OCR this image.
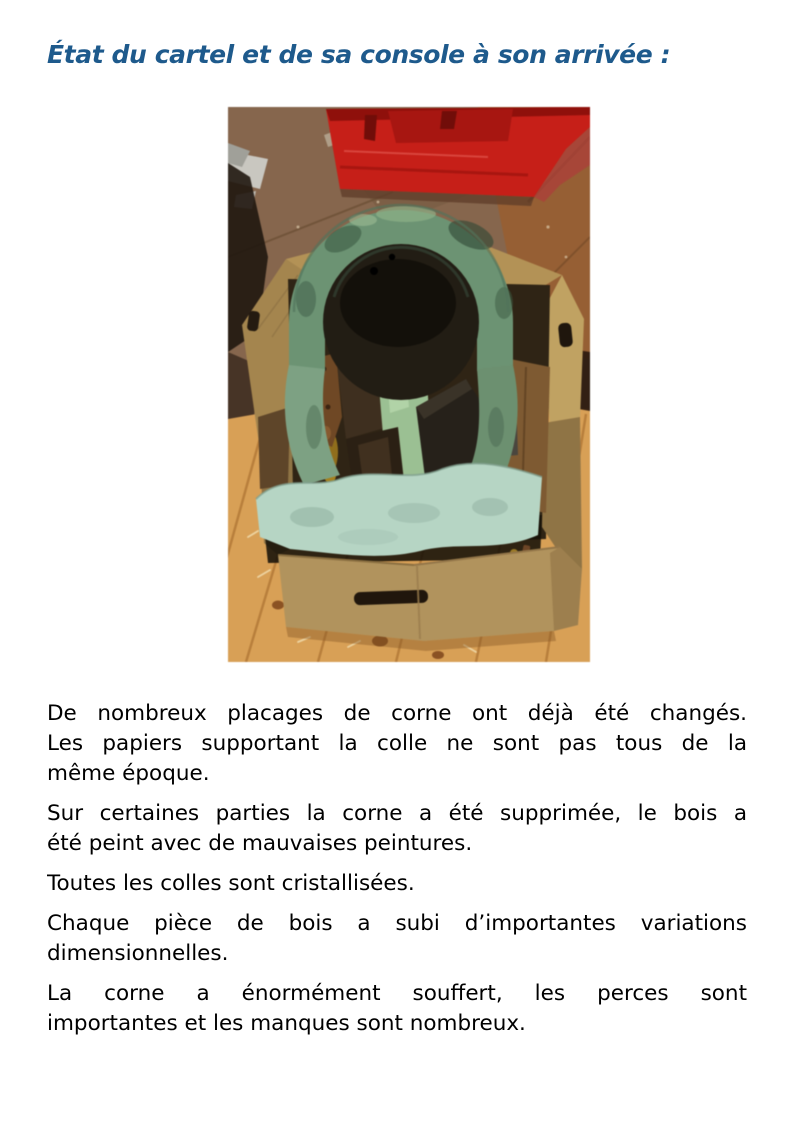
État du cartel et de sa console à son arrivée :

De nombreux placages de corne ont déjà été changés.
Les papiers supportant la colle ne sont pas tous de la
même époque.

Sur certaines parties la corne a été supprimée, le bois a
été peint avec de mauvaises peintures.

Toutes les colles sont cristallisées.

Chaque pièce de bois a subi d’importantes variations
dimensionnelles.

La corne a énormément souffert, les perces sont
importantes et les manques sont nombreux.
